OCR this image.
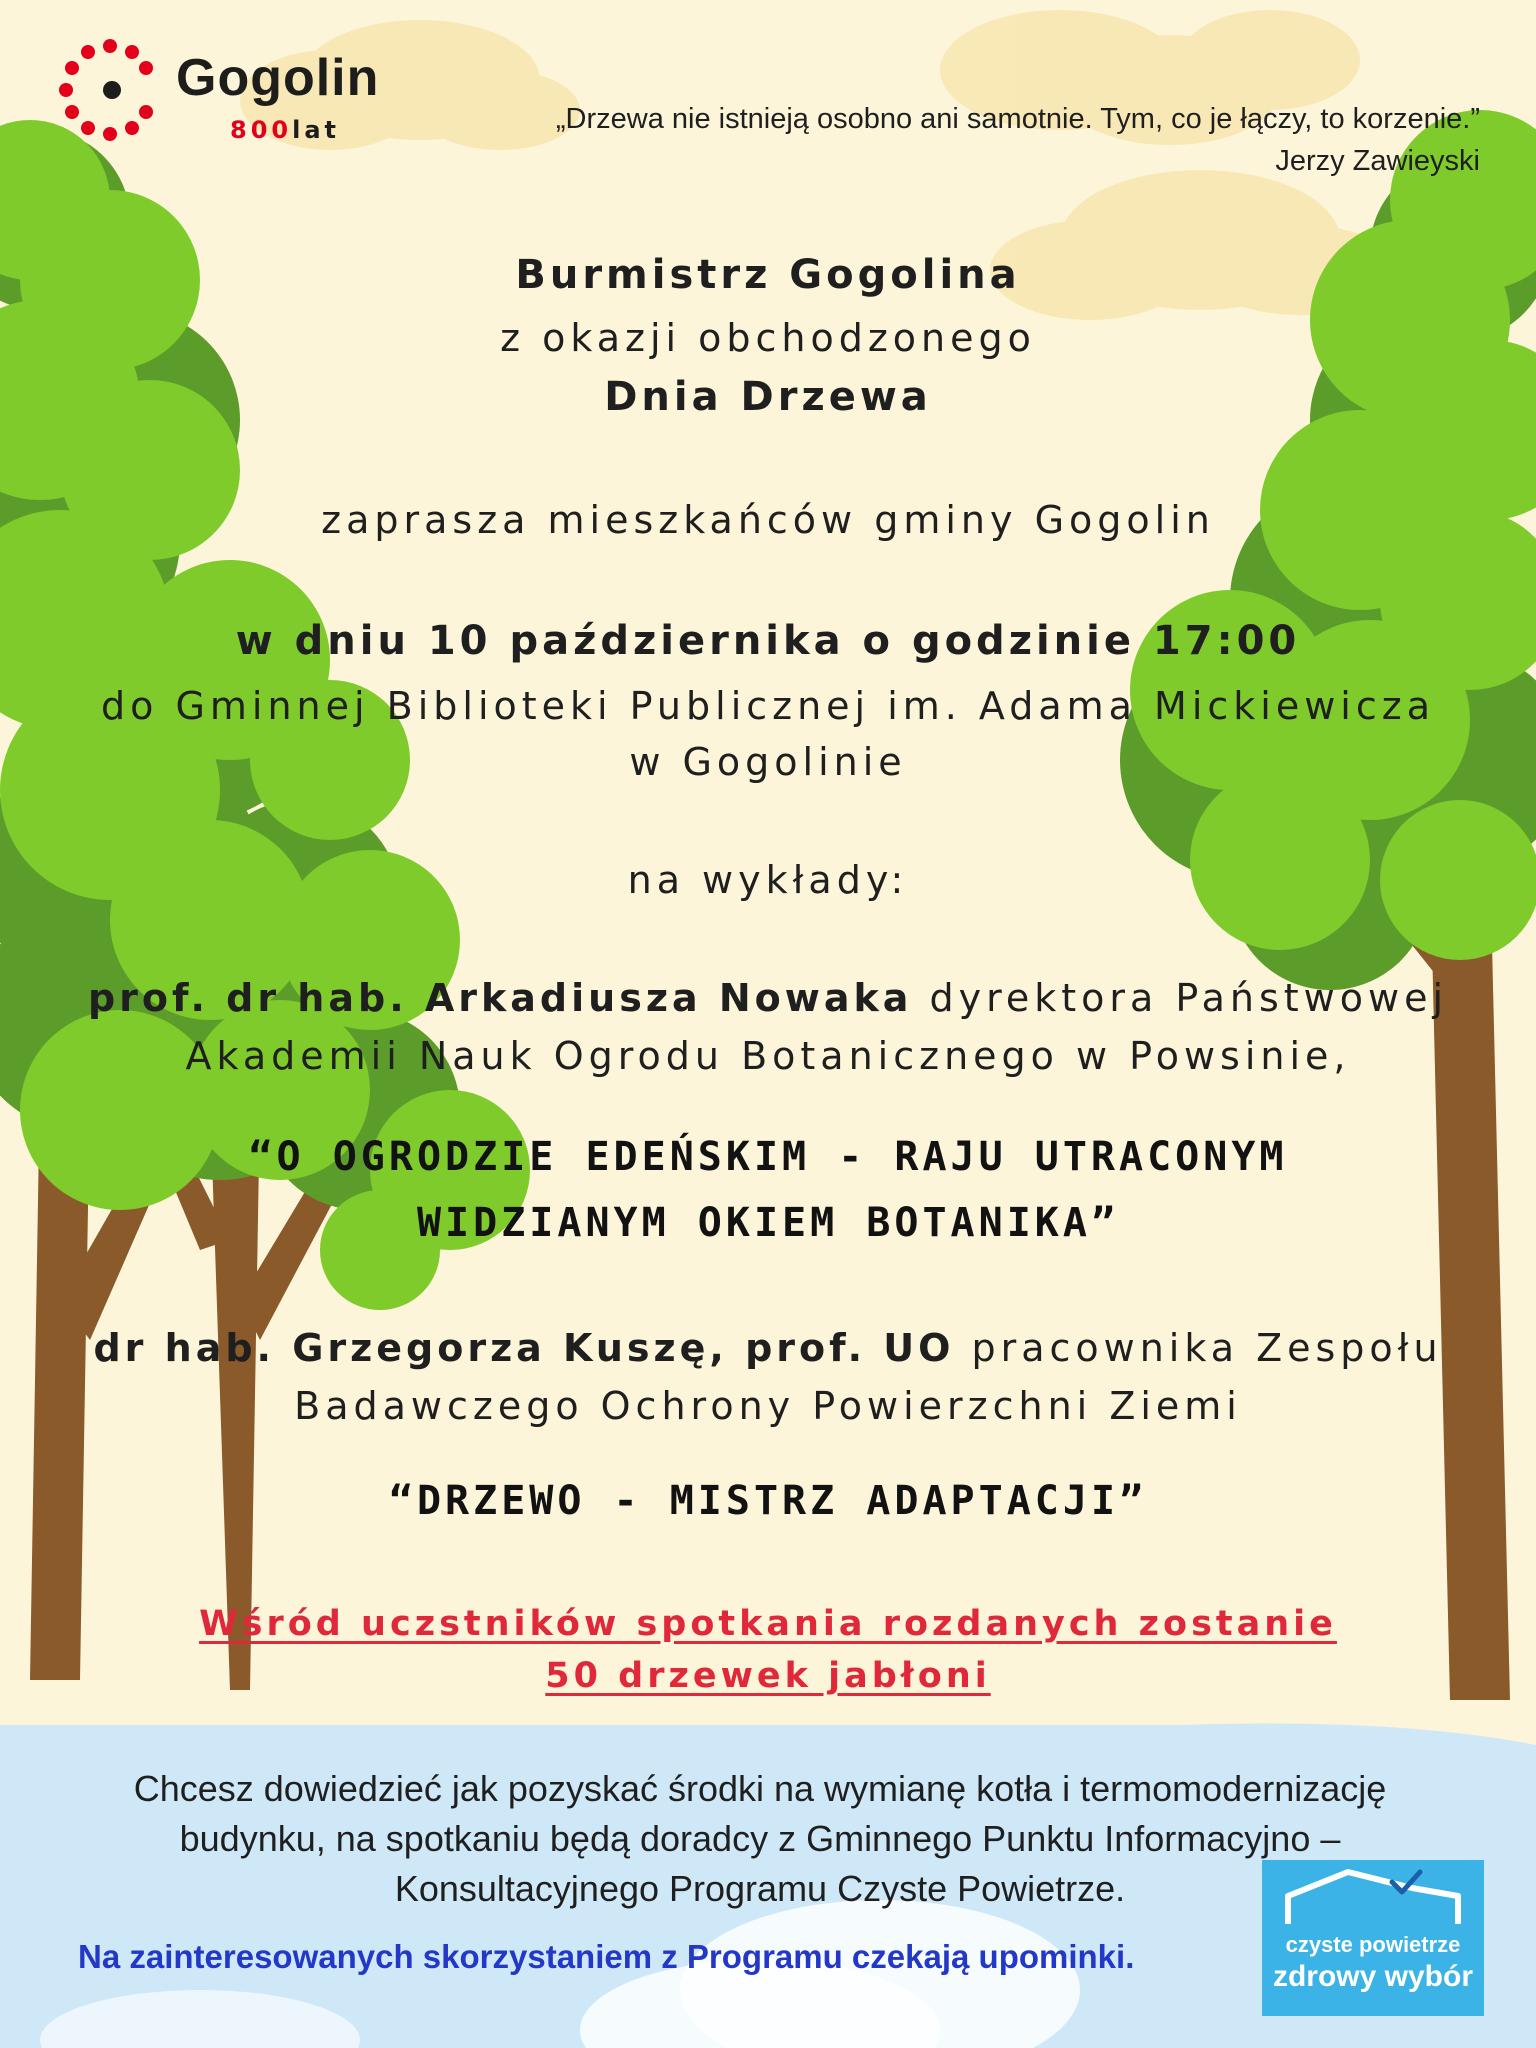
Gogolin
800lat	„Drzewa nie istnieją osobno ani samotnie. Tym, co je łączy, to korzenie.”
Jerzy Zawieyski
Burmistrz Gogolina
z okazji obchodzonego
Dnia Drzewa
zaprasza mieszkańców gminy Gogolin
w dniu 10 października o godzinie 17:00
do Gminnej Biblioteki Publicznej im. Adama Mickiewicza
w Gogolinie
na wykłady:
prof. dr hab. Arkadiusza Nowaka dyrektora Państwowej
Akademii Nauk Ogrodu Botanicznego w Powsinie,
“O OGRODZIE EDEŃSKIM - RAJU UTRACONYM
WIDZIANYM OKIEM BOTANIKA”
dr hab. Grzegorza Kuszę, prof. UO pracownika Zespołu
Badawczego Ochrony Powierzchni Ziemi
“DRZEWO - MISTRZ ADAPTACJI”
Wśród uczstników spotkania rozdanych zostanie
50 drzewek jabłoni
Chcesz dowiedzieć jak pozyskać środki na wymianę kotła i termomodernizację
budynku, na spotkaniu będą doradcy z Gminnego Punktu Informacyjno –
Konsultacyjnego Programu Czyste Powietrze.
Na zainteresowanych skorzystaniem z Programu czekają upominki.	czyste powietrze
zdrowy wybór
